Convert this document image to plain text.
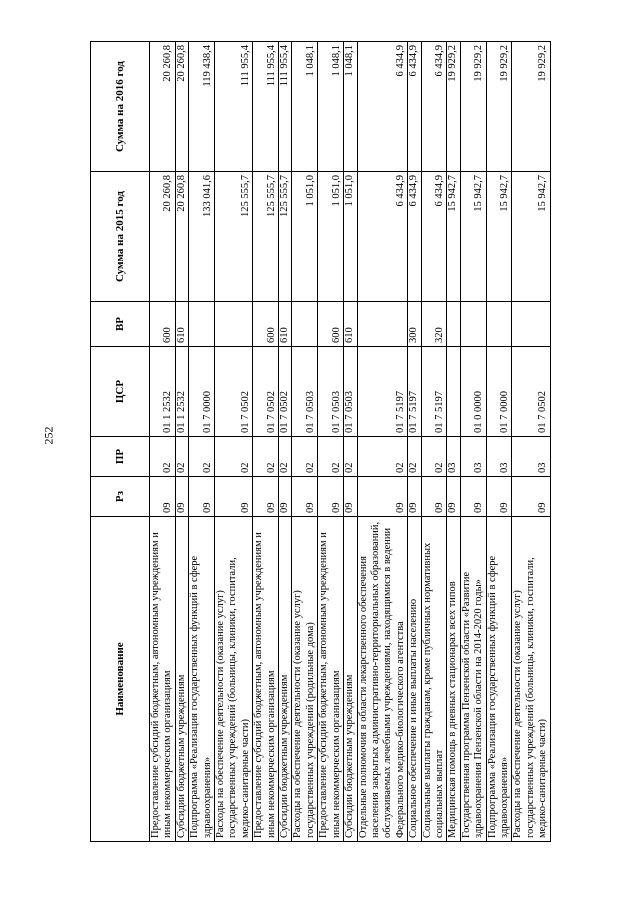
252
Наименование	Рз	ПР	ЦСР	ВР	Сумма на 2015 год	Сумма на 2016 год
Предоставление субсидий бюджетным, автономным учреждениям и иным некоммерческим организациям	09	02	01 1 2532	600	20 260,8	20 260,8
Субсидии бюджетным учреждениям	09	02	01 1 2532	610	20 260,8	20 260,8
Подпрограмма «Реализация государственных функций в сфере здравоохранения»	09	02	01 7 0000		133 041,6	119 438,4
Расходы на обеспечение деятельности (оказание услуг) государственных учреждений (больницы, клиники, госпитали, медико-санитарные части)	09	02	01 7 0502		125 555,7	111 955,4
Предоставление субсидий бюджетным, автономным учреждениям и иным некоммерческим организациям	09	02	01 7 0502	600	125 555,7	111 955,4
Субсидии бюджетным учреждениям	09	02	01 7 0502	610	125 555,7	111 955,4
Расходы на обеспечение деятельности (оказание услуг) государственных учреждений (родильные дома)	09	02	01 7 0503		1 051,0	1 048,1
Предоставление субсидий бюджетным, автономным учреждениям и иным некоммерческим организациям	09	02	01 7 0503	600	1 051,0	1 048,1
Субсидии бюджетным учреждениям	09	02	01 7 0503	610	1 051,0	1 048,1
Отдельные полномочия в области лекарственного обеспечения населения закрытых административно-территориальных образований, обслуживаемых лечебными учреждениями, находящимися в ведении Федерального медико-биологического агентства	09	02	01 7 5197		6 434,9	6 434,9
Социальное обеспечение и иные выплаты населению	09	02	01 7 5197	300	6 434,9	6 434,9
Социальные выплаты гражданам, кроме публичных нормативных социальных выплат	09	02	01 7 5197	320	6 434,9	6 434,9
Медицинская помощь в дневных стационарах всех типов	09	03			15 942,7	19 929,2
Государственная программа Пензенской области «Развитие здравоохранения Пензенской области на 2014-2020 годы»	09	03	01 0 0000		15 942,7	19 929,2
Подпрограмма «Реализация государственных функций в сфере здравоохранения»	09	03	01 7 0000		15 942,7	19 929,2
Расходы на обеспечение деятельности (оказание услуг) государственных учреждений (больницы, клиники, госпитали, медико-санитарные части)	09	03	01 7 0502		15 942,7	19 929,2
